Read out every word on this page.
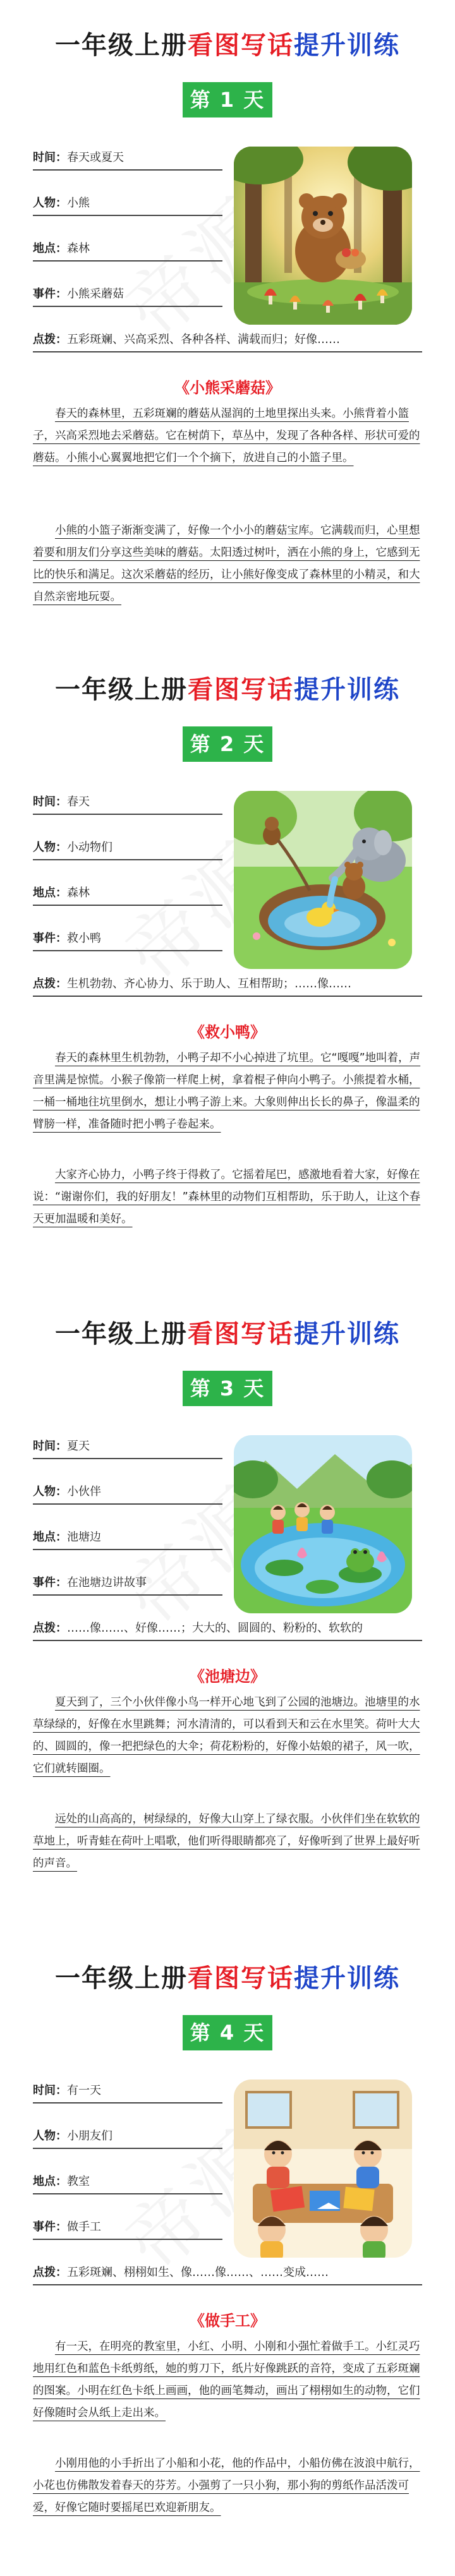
一年级上册看图写话提升训练
第 1 天
时间：春天或夏天
人物：小熊
地点：森林
事件：小熊采蘑菇
点拨：五彩斑斓、兴高采烈、各种各样、满载而归；好像……
《小熊采蘑菇》

春天的森林里，五彩斑斓的蘑菇从湿润的土地里探出头来。小熊背着小篮子，兴高采烈地去采蘑菇。它在树荫下，草丛中，发现了各种各样、形状可爱的蘑菇。小熊小心翼翼地把它们一个个摘下，放进自己的小篮子里。

小熊的小篮子渐渐变满了，好像一个小小的蘑菇宝库。它满载而归，心里想着要和朋友们分享这些美味的蘑菇。太阳透过树叶，洒在小熊的身上，它感到无比的快乐和满足。这次采蘑菇的经历，让小熊好像变成了森林里的小精灵，和大自然亲密地玩耍。

一年级上册看图写话提升训练
第 2 天
时间：春天
人物：小动物们
地点：森林
事件：救小鸭
点拨：生机勃勃、齐心协力、乐于助人、互相帮助；……像……
《救小鸭》

春天的森林里生机勃勃，小鸭子却不小心掉进了坑里。它“嘎嘎”地叫着，声音里满是惊慌。小猴子像箭一样爬上树，拿着棍子伸向小鸭子。小熊提着水桶，一桶一桶地往坑里倒水，想让小鸭子游上来。大象则伸出长长的鼻子，像温柔的臂膀一样，准备随时把小鸭子卷起来。

大家齐心协力，小鸭子终于得救了。它摇着尾巴，感激地看着大家，好像在说：“谢谢你们，我的好朋友！”森林里的动物们互相帮助，乐于助人，让这个春天更加温暖和美好。

一年级上册看图写话提升训练
第 3 天
时间：夏天
人物：小伙伴
地点：池塘边
事件：在池塘边讲故事
点拨：……像……、好像……；大大的、圆圆的、粉粉的、软软的
《池塘边》

夏天到了，三个小伙伴像小鸟一样开心地飞到了公园的池塘边。池塘里的水草绿绿的，好像在水里跳舞；河水清清的，可以看到天和云在水里笑。荷叶大大的、圆圆的，像一把把绿色的大伞；荷花粉粉的，好像小姑娘的裙子，风一吹，它们就转圈圈。

远处的山高高的，树绿绿的，好像大山穿上了绿衣服。小伙伴们坐在软软的草地上，听青蛙在荷叶上唱歌，他们听得眼睛都亮了，好像听到了世界上最好听的声音。

一年级上册看图写话提升训练
第 4 天
时间：有一天
人物：小朋友们
地点：教室
事件：做手工
点拨：五彩斑斓、栩栩如生、像……像……、……变成……
《做手工》

有一天，在明亮的教室里，小红、小明、小刚和小强忙着做手工。小红灵巧地用红色和蓝色卡纸剪纸，她的剪刀下，纸片好像跳跃的音符，变成了五彩斑斓的图案。小明在红色卡纸上画画，他的画笔舞动，画出了栩栩如生的动物，它们好像随时会从纸上走出来。

小刚用他的小手折出了小船和小花，他的作品中，小船仿佛在波浪中航行，小花也仿佛散发着春天的芬芳。小强剪了一只小狗，那小狗的剪纸作品活泼可爱，好像它随时要摇尾巴欢迎新朋友。
